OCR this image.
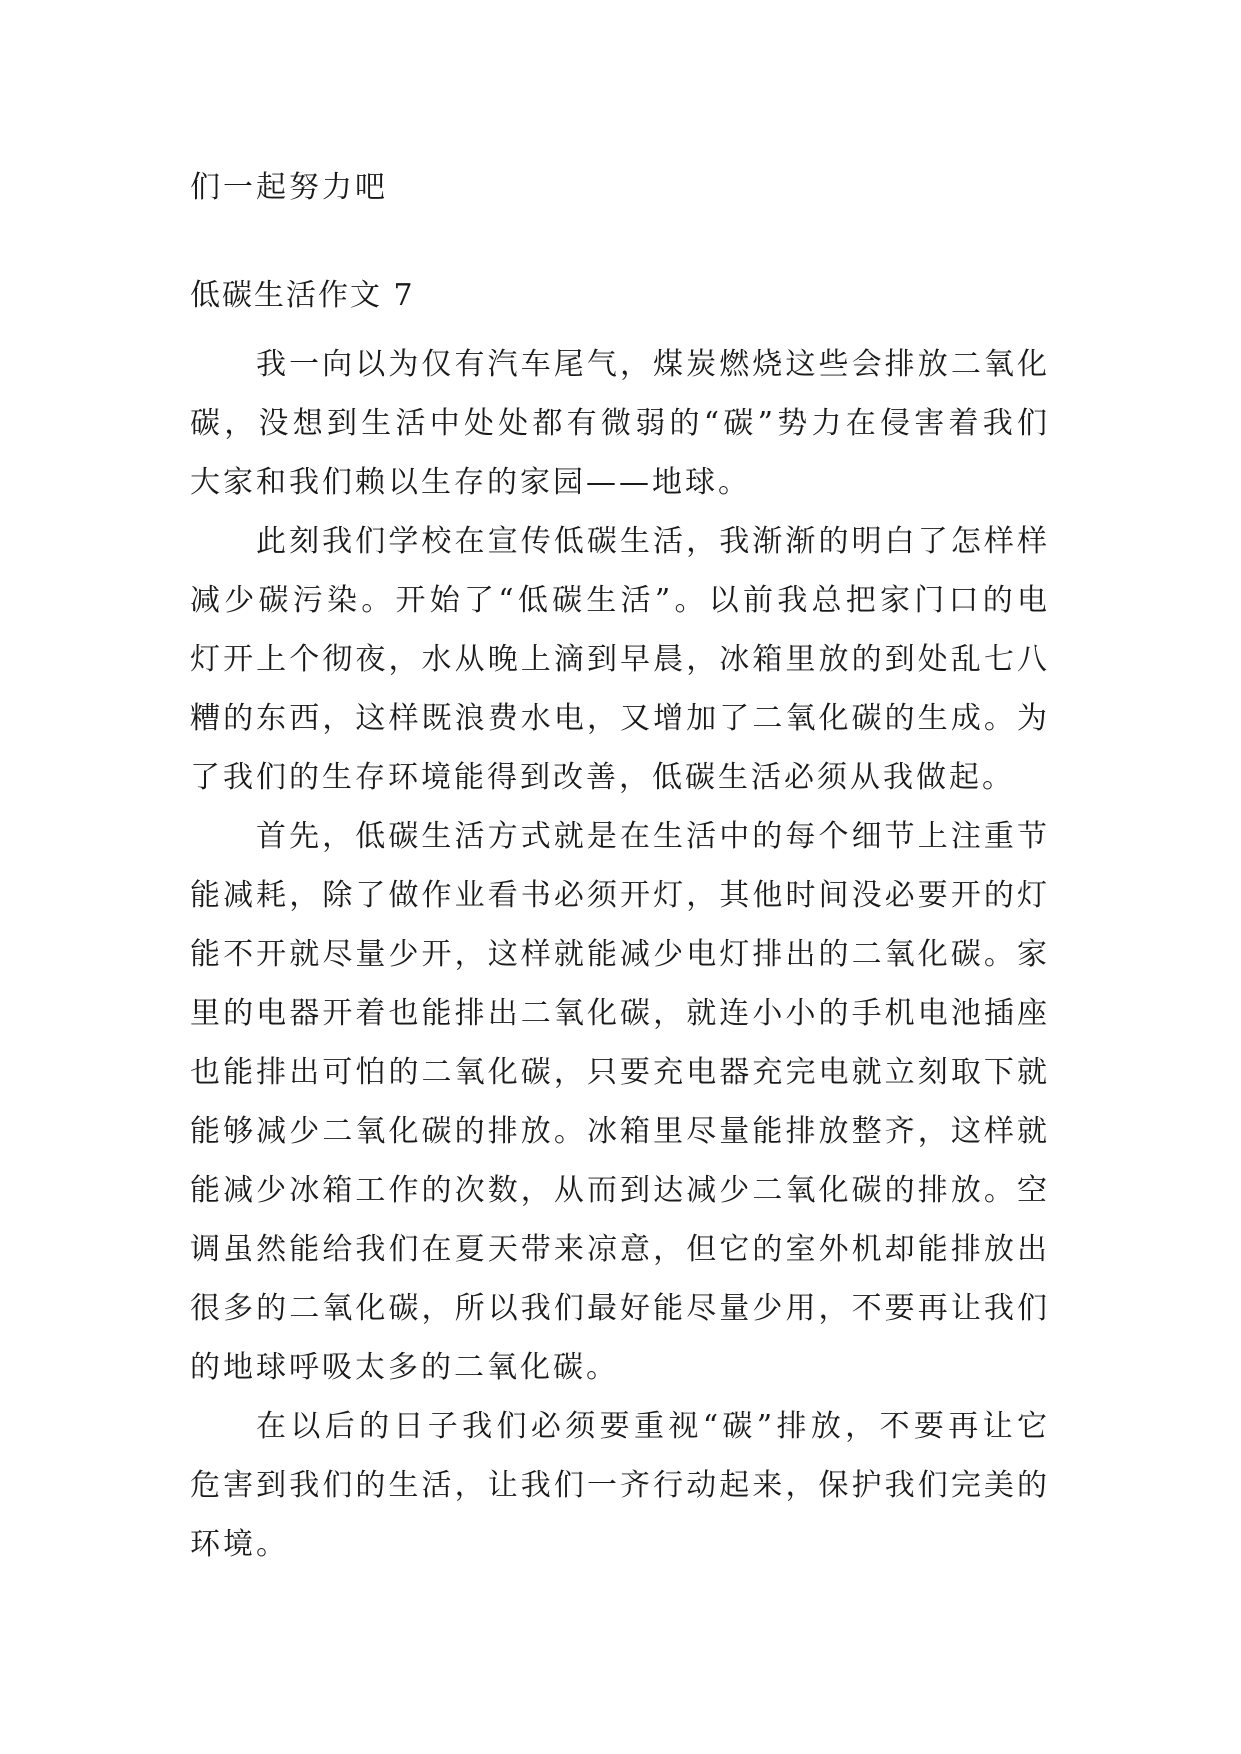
们一起努力吧

低碳生活作文 7

我一向以为仅有汽车尾气，煤炭燃烧这些会排放二氧化碳，没想到生活中处处都有微弱的“碳”势力在侵害着我们大家和我们赖以生存的家园——地球。

此刻我们学校在宣传低碳生活，我渐渐的明白了怎样样减少碳污染。开始了“低碳生活”。以前我总把家门口的电灯开上个彻夜，水从晚上滴到早晨，冰箱里放的到处乱七八糟的东西，这样既浪费水电，又增加了二氧化碳的生成。为了我们的生存环境能得到改善，低碳生活必须从我做起。

首先，低碳生活方式就是在生活中的每个细节上注重节能减耗，除了做作业看书必须开灯，其他时间没必要开的灯能不开就尽量少开，这样就能减少电灯排出的二氧化碳。家里的电器开着也能排出二氧化碳，就连小小的手机电池插座也能排出可怕的二氧化碳，只要充电器充完电就立刻取下就能够减少二氧化碳的排放。冰箱里尽量能排放整齐，这样就能减少冰箱工作的次数，从而到达减少二氧化碳的排放。空调虽然能给我们在夏天带来凉意，但它的室外机却能排放出很多的二氧化碳，所以我们最好能尽量少用，不要再让我们的地球呼吸太多的二氧化碳。

在以后的日子我们必须要重视“碳”排放，不要再让它危害到我们的生活，让我们一齐行动起来，保护我们完美的环境。
